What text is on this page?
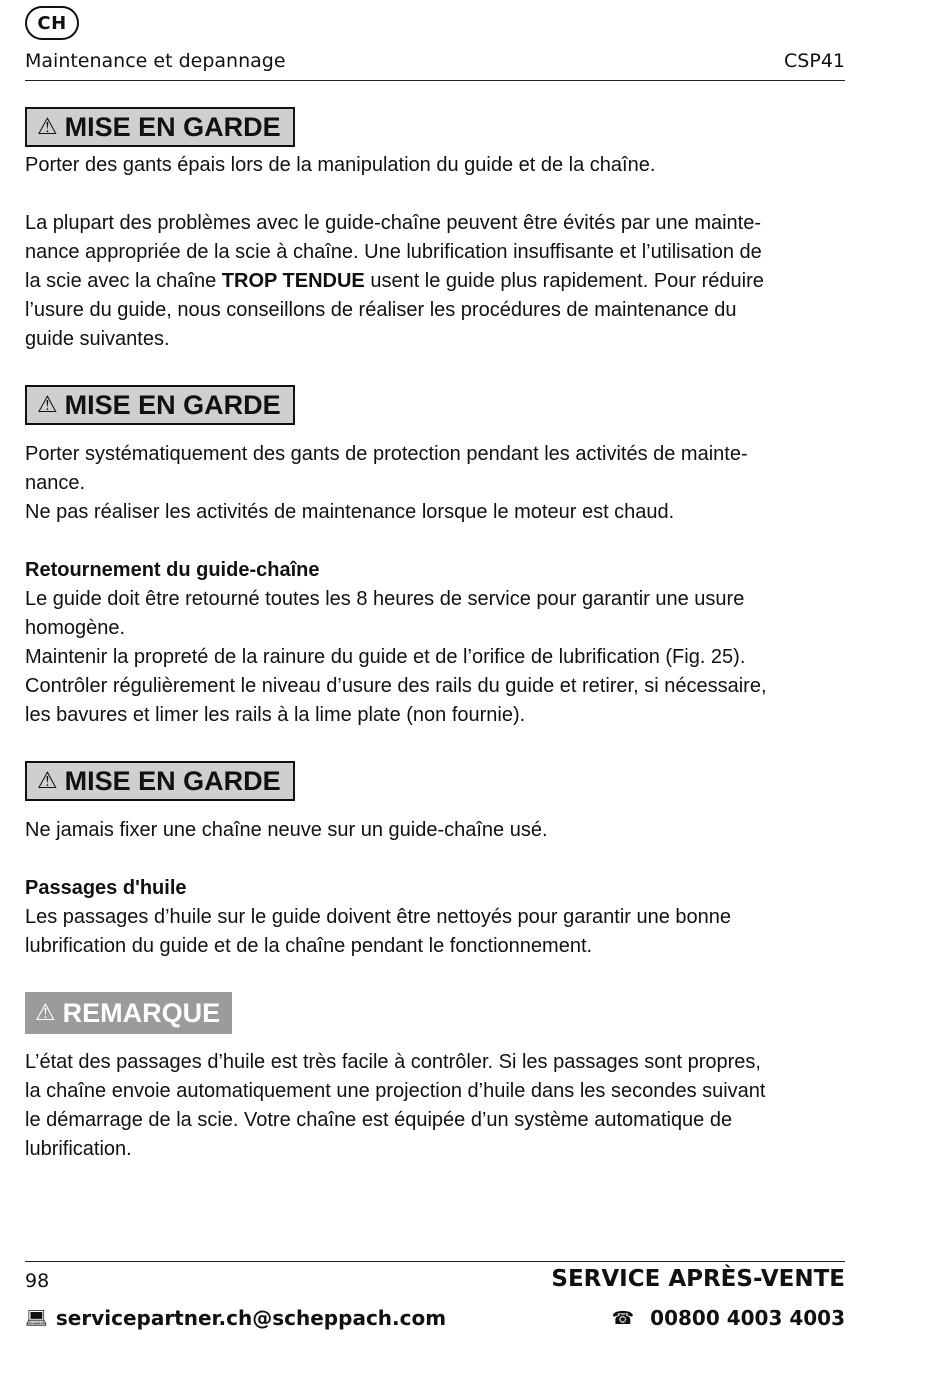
CH
Maintenance et depannage	CSP41
⚠ MISE EN GARDE

Porter des gants épais lors de la manipulation du guide et de la chaîne.

La plupart des problèmes avec le guide-chaîne peuvent être évités par une mainte-

nance appropriée de la scie à chaîne. Une lubrification insuffisante et l’utilisation de

la scie avec la chaîne TROP TENDUE usent le guide plus rapidement. Pour réduire

l’usure du guide, nous conseillons de réaliser les procédures de maintenance du

guide suivantes.

⚠ MISE EN GARDE

Porter systématiquement des gants de protection pendant les activités de mainte-

nance.

Ne pas réaliser les activités de maintenance lorsque le moteur est chaud.

Retournement du guide-chaîne

Le guide doit être retourné toutes les 8 heures de service pour garantir une usure

homogène.

Maintenir la propreté de la rainure du guide et de l’orifice de lubrification (Fig. 25).

Contrôler régulièrement le niveau d’usure des rails du guide et retirer, si nécessaire,

les bavures et limer les rails à la lime plate (non fournie).

⚠ MISE EN GARDE

Ne jamais fixer une chaîne neuve sur un guide-chaîne usé.

Passages d'huile

Les passages d’huile sur le guide doivent être nettoyés pour garantir une bonne

lubrification du guide et de la chaîne pendant le fonctionnement.

⚠ REMARQUE

L’état des passages d’huile est très facile à contrôler. Si les passages sont propres,

la chaîne envoie automatiquement une projection d’huile dans les secondes suivant

le démarrage de la scie. Votre chaîne est équipée d’un système automatique de

lubrification.

98	SERVICE APRÈS-VENTE
💻︎ servicepartner.ch@scheppach.com	☎ 00800 4003 4003
